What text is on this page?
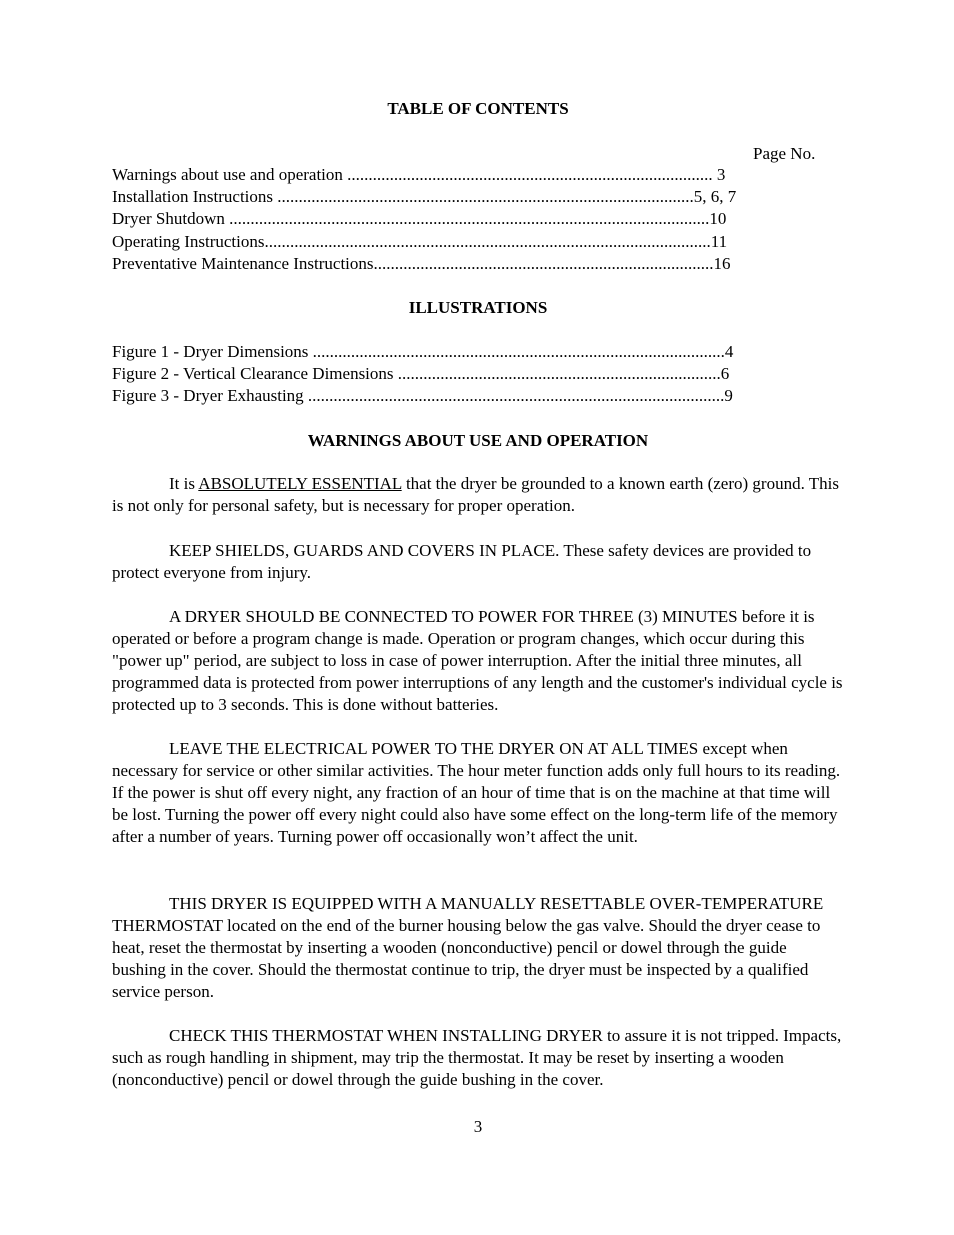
TABLE OF CONTENTS
Page No.
Warnings about use and operation ...................................................................................... 3
Installation Instructions ..................................................................................................5, 6, 7
Dryer Shutdown .................................................................................................................10
Operating Instructions.........................................................................................................11
Preventative Maintenance Instructions................................................................................16
ILLUSTRATIONS
Figure 1 - Dryer Dimensions .................................................................................................4
Figure 2 - Vertical Clearance Dimensions ............................................................................6
Figure 3 - Dryer Exhausting ..................................................................................................9
WARNINGS ABOUT USE AND OPERATION

It is ABSOLUTELY ESSENTIAL that the dryer be grounded to a known earth (zero) ground. This is not only for personal safety, but is necessary for proper operation.

KEEP SHIELDS, GUARDS AND COVERS IN PLACE. These safety devices are provided to protect everyone from injury.

A DRYER SHOULD BE CONNECTED TO POWER FOR THREE (3) MINUTES before it is operated or before a program change is made. Operation or program changes, which occur during this "power up" period, are subject to loss in case of power interruption. After the initial three minutes, all programmed data is protected from power interruptions of any length and the customer's individual cycle is protected up to 3 seconds. This is done without batteries.

LEAVE THE ELECTRICAL POWER TO THE DRYER ON AT ALL TIMES except when necessary for service or other similar activities. The hour meter function adds only full hours to its reading. If the power is shut off every night, any fraction of an hour of time that is on the machine at that time will be lost. Turning the power off every night could also have some effect on the long-term life of the memory after a number of years. Turning power off occasionally won’t affect the unit.

THIS DRYER IS EQUIPPED WITH A MANUALLY RESETTABLE OVER-TEMPERATURE THERMOSTAT located on the end of the burner housing below the gas valve. Should the dryer cease to heat, reset the thermostat by inserting a wooden (nonconductive) pencil or dowel through the guide bushing in the cover. Should the thermostat continue to trip, the dryer must be inspected by a qualified service person.

CHECK THIS THERMOSTAT WHEN INSTALLING DRYER to assure it is not tripped. Impacts, such as rough handling in shipment, may trip the thermostat. It may be reset by inserting a wooden (nonconductive) pencil or dowel through the guide bushing in the cover.

3
